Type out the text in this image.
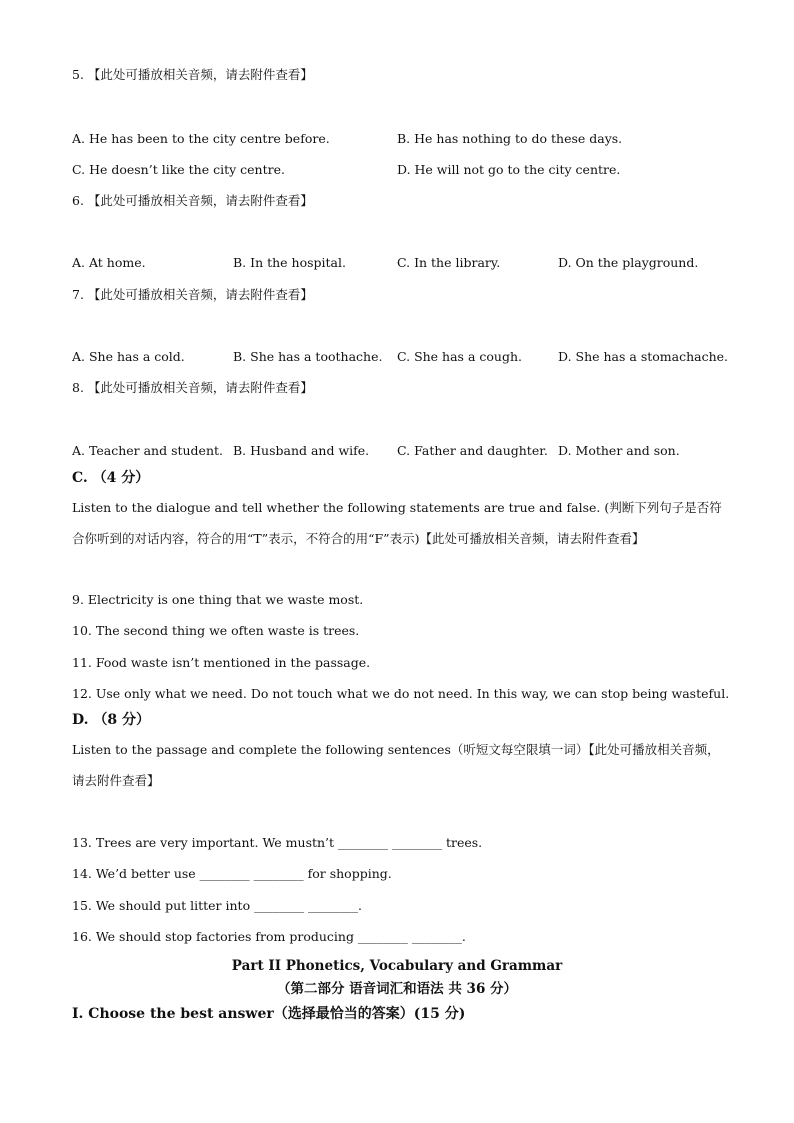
5. 【此处可播放相关音频，请去附件查看】
A. He has been to the city centre before.	B. He has nothing to do these days.
C. He doesn’t like the city centre.	D. He will not go to the city centre.
6. 【此处可播放相关音频，请去附件查看】
A. At home.	B. In the hospital.	C. In the library.	D. On the playground.
7. 【此处可播放相关音频，请去附件查看】
A. She has a cold.	B. She has a toothache. C. She has a cough.	D. She has a stomachache.
8. 【此处可播放相关音频，请去附件查看】
A. Teacher and student. B. Husband and wife. C. Father and daughter. D. Mother and son.
C. （4 分）
Listen to the dialogue and tell whether the following statements are true and false. (判断下列句子是否符合你听到的对话内容，符合的用“T”表示，不符合的用“F”表示)【此处可播放相关音频，请去附件查看】
9. Electricity is one thing that we waste most.
10. The second thing we often waste is trees.
11. Food waste isn’t mentioned in the passage.
12. Use only what we need. Do not touch what we do not need. In this way, we can stop being wasteful.
D. （8 分）
Listen to the passage and complete the following sentences（听短文每空限填一词）【此处可播放相关音频，请去附件查看】
13. Trees are very important. We mustn’t ________ ________ trees.
14. We’d better use ________ ________ for shopping.
15. We should put litter into ________ ________.
16. We should stop factories from producing ________ ________.
Part II Phonetics, Vocabulary and Grammar
（第二部分 语音词汇和语法 共 36 分）
I. Choose the best answer（选择最恰当的答案）(15 分)
